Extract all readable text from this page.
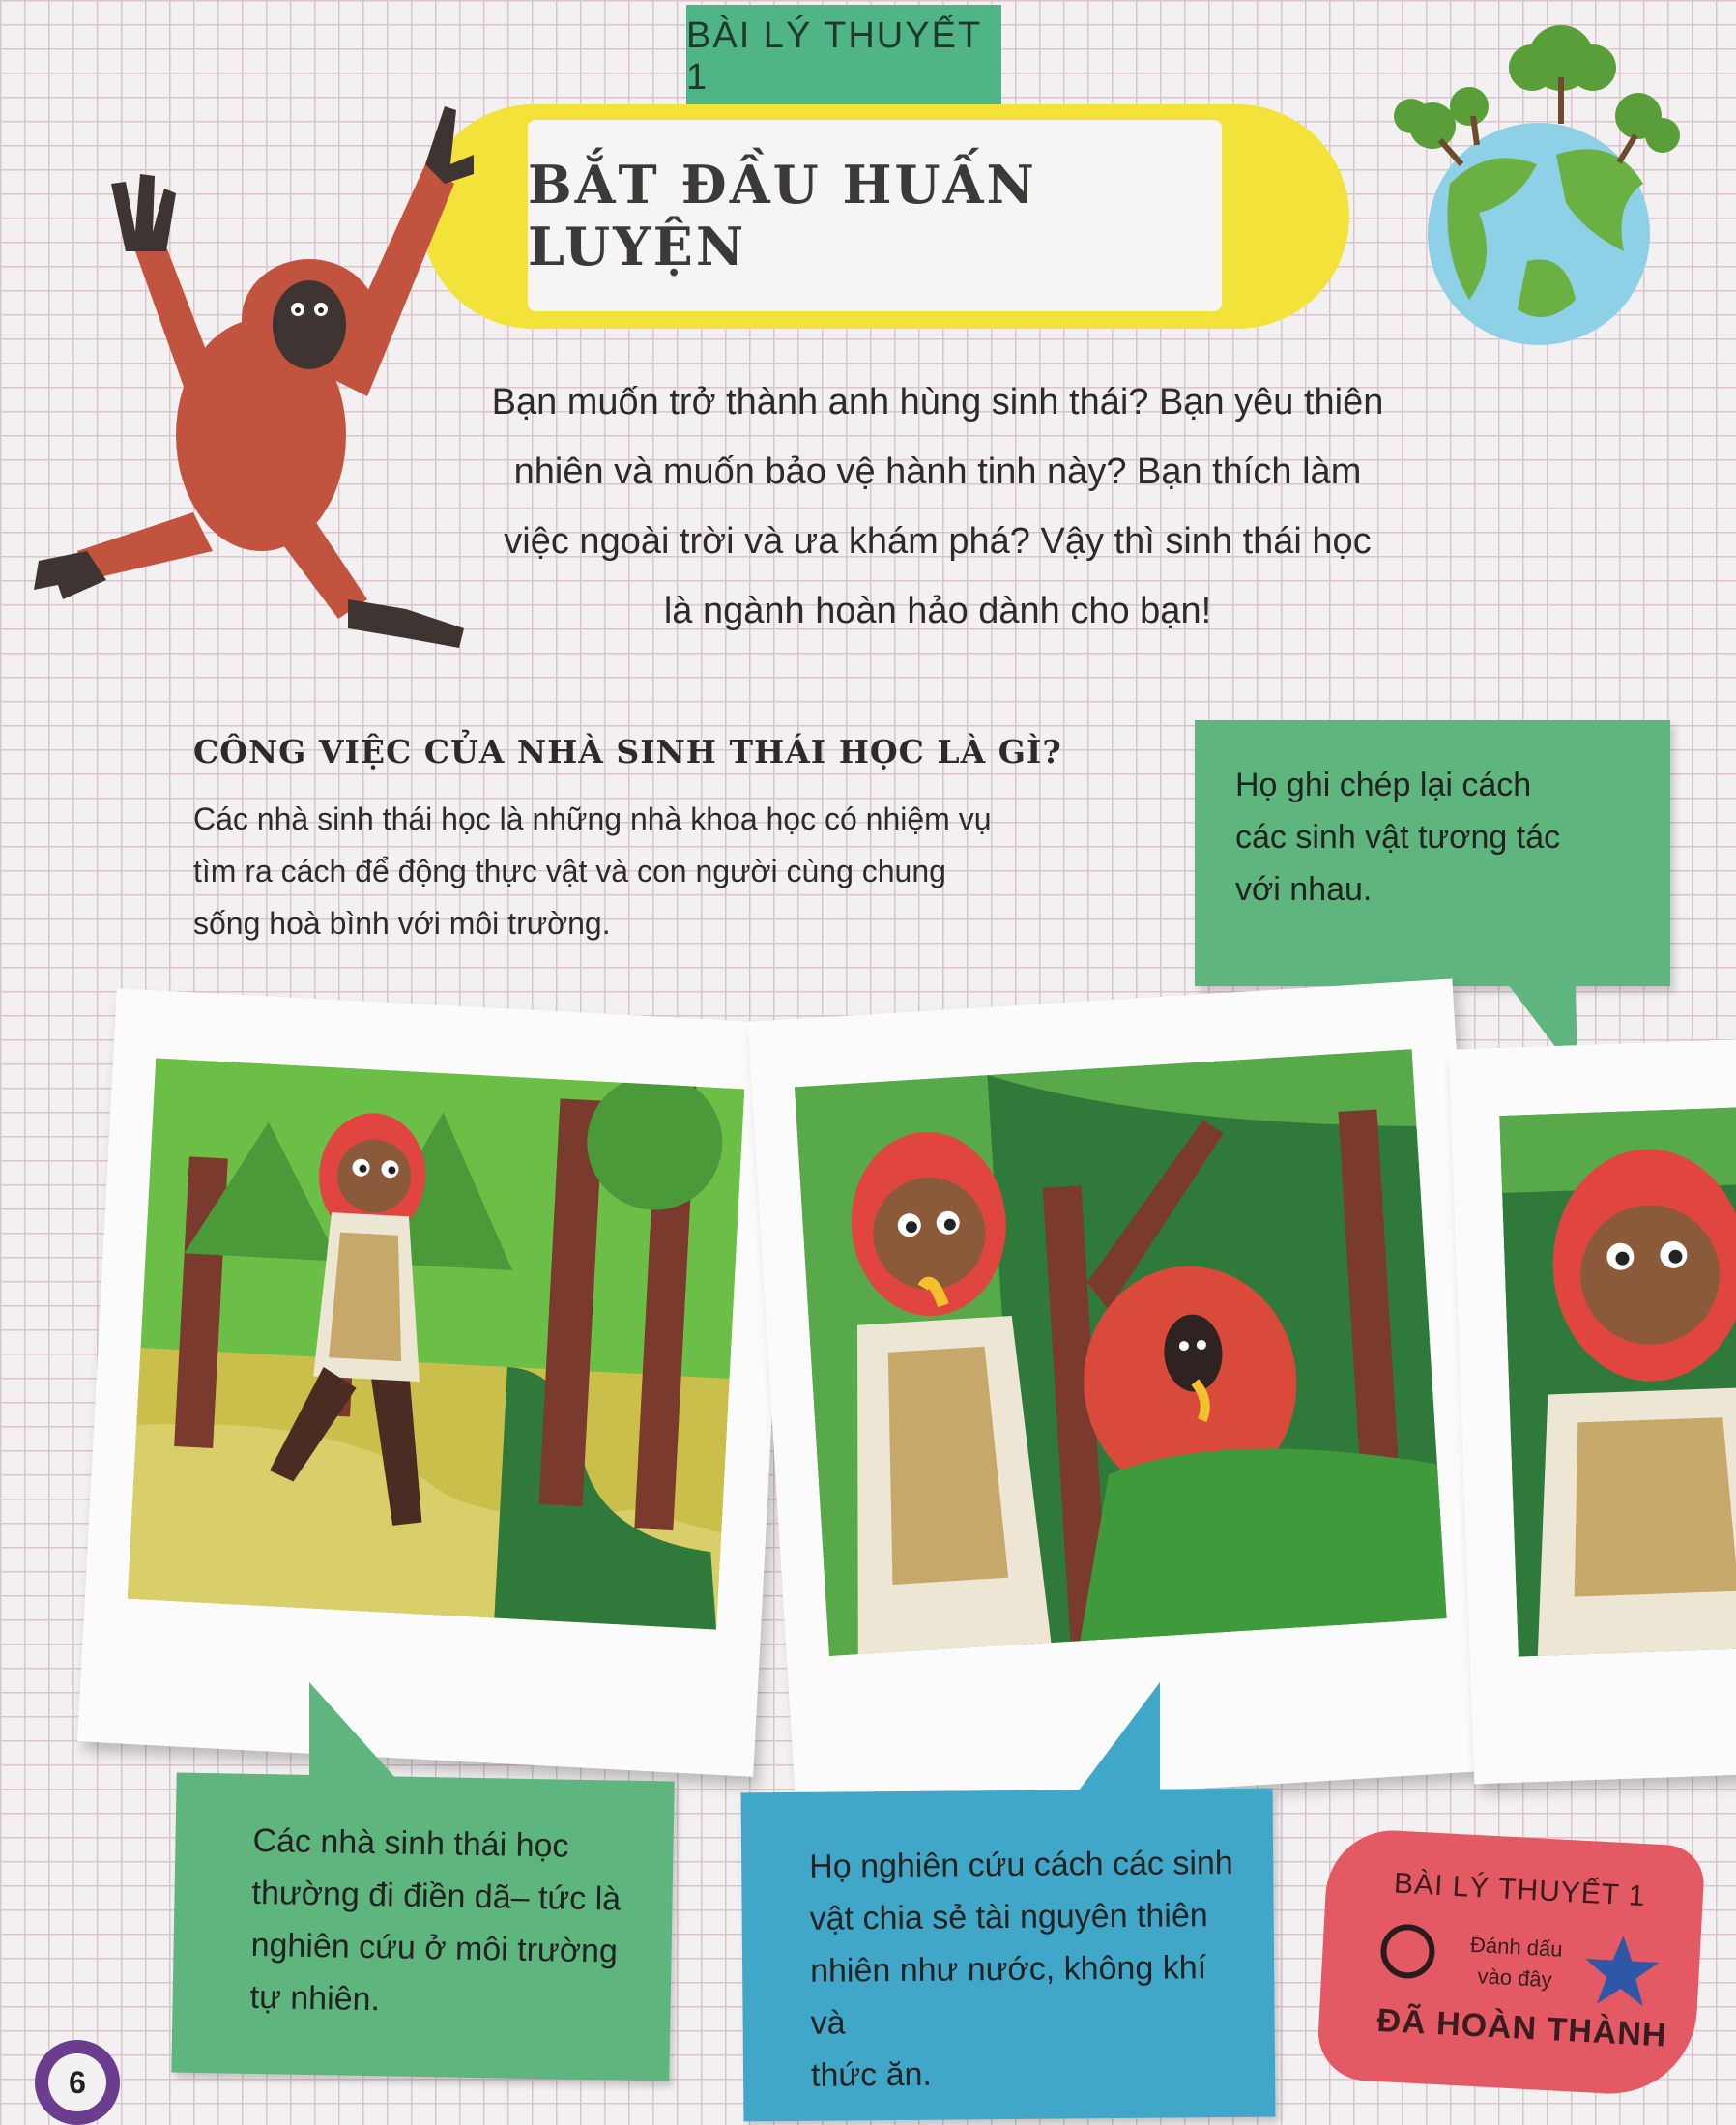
BÀI LÝ THUYẾT 1
BẮT ĐẦU HUẤN LUYỆN
Bạn muốn trở thành anh hùng sinh thái? Bạn yêu thiên
nhiên và muốn bảo vệ hành tinh này? Bạn thích làm
việc ngoài trời và ưa khám phá? Vậy thì sinh thái học
là ngành hoàn hảo dành cho bạn!
CÔNG VIỆC CỦA NHÀ SINH THÁI HỌC LÀ GÌ?
Các nhà sinh thái học là những nhà khoa học có nhiệm vụ
tìm ra cách để động thực vật và con người cùng chung
sống hoà bình với môi trường.
Họ ghi chép lại cách
các sinh vật tương tác
với nhau.
Các nhà sinh thái học
thường đi điền dã– tức là
nghiên cứu ở môi trường
tự nhiên.
Họ nghiên cứu cách các sinh
vật chia sẻ tài nguyên thiên
nhiên như nước, không khí và
thức ăn.
BÀI LÝ THUYẾT 1
Đánh dấu vào đây
ĐÃ HOÀN THÀNH
6
